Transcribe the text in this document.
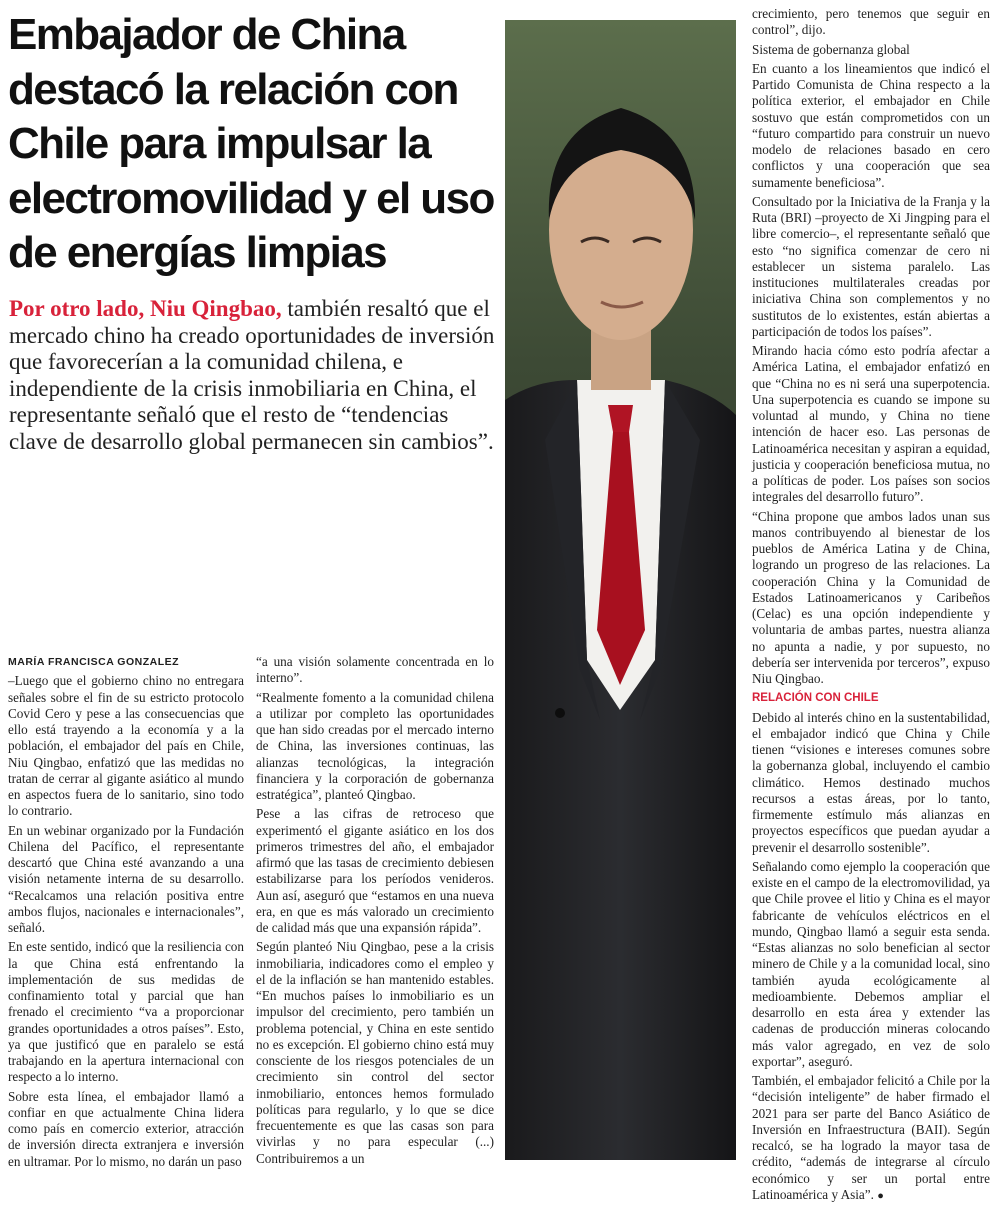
Embajador de China destacó la relación con Chile para impulsar la electromovilidad y el uso de energías limpias

Por otro lado, Niu Qingbao, también resaltó que el mercado chino ha creado oportunidades de inversión que favorecerían a la comunidad chilena, e independiente de la crisis inmobiliaria en China, el representante señaló que el resto de “tendencias clave de desarrollo global permanecen sin cambios”.

MARÍA FRANCISCA GONZALEZ

–Luego que el gobierno chino no entregara señales sobre el fin de su estricto protocolo Covid Cero y pese a las consecuencias que ello está trayendo a la economía y a la población, el embajador del país en Chile, Niu Qingbao, enfatizó que las medidas no tratan de cerrar al gigante asiático al mundo en aspectos fuera de lo sanitario, sino todo lo contrario.

En un webinar organizado por la Fundación Chilena del Pacífico, el representante descartó que China esté avanzando a una visión netamente interna de su desarrollo. “Recalcamos una relación positiva entre ambos flujos, nacionales e internacionales”, señaló.

En este sentido, indicó que la resiliencia con la que China está enfrentando la implementación de sus medidas de confinamiento total y parcial que han frenado el crecimiento “va a proporcionar grandes oportunidades a otros países”. Esto, ya que justificó que en paralelo se está trabajando en la apertura internacional con respecto a lo interno.

Sobre esta línea, el embajador llamó a confiar en que actualmente China lidera como país en comercio exterior, atracción de inversión directa extranjera e inversión en ultramar. Por lo mismo, no darán un paso

“a una visión solamente concentrada en lo interno”.

“Realmente fomento a la comunidad chilena a utilizar por completo las oportunidades que han sido creadas por el mercado interno de China, las inversiones continuas, las alianzas tecnológicas, la integración financiera y la corporación de gobernanza estratégica”, planteó Qingbao.

Pese a las cifras de retroceso que experimentó el gigante asiático en los dos primeros trimestres del año, el embajador afirmó que las tasas de crecimiento debiesen estabilizarse para los períodos venideros. Aun así, aseguró que “estamos en una nueva era, en que es más valorado un crecimiento de calidad más que una expansión rápida”.

Según planteó Niu Qingbao, pese a la crisis inmobiliaria, indicadores como el empleo y el de la inflación se han mantenido estables. “En muchos países lo inmobiliario es un impulsor del crecimiento, pero también un problema potencial, y China en este sentido no es excepción. El gobierno chino está muy consciente de los riesgos potenciales de un crecimiento sin control del sector inmobiliario, entonces hemos formulado políticas para regularlo, y lo que se dice frecuentemente es que las casas son para vivirlas y no para especular (...) Contribuiremos a un

crecimiento, pero tenemos que seguir en control”, dijo.

Sistema de gobernanza global

En cuanto a los lineamientos que indicó el Partido Comunista de China respecto a la política exterior, el embajador en Chile sostuvo que están comprometidos con un “futuro compartido para construir un nuevo modelo de relaciones basado en cero conflictos y una cooperación que sea sumamente beneficiosa”.

Consultado por la Iniciativa de la Franja y la Ruta (BRI) –proyecto de Xi Jingping para el libre comercio–, el representante señaló que esto “no significa comenzar de cero ni establecer un sistema paralelo. Las instituciones multilaterales creadas por iniciativa China son complementos y no sustitutos de lo existentes, están abiertas a participación de todos los países”.

Mirando hacia cómo esto podría afectar a América Latina, el embajador enfatizó en que “China no es ni será una superpotencia. Una superpotencia es cuando se impone su voluntad al mundo, y China no tiene intención de hacer eso. Las personas de Latinoamérica necesitan y aspiran a equidad, justicia y cooperación beneficiosa mutua, no a políticas de poder. Los países son socios integrales del desarrollo futuro”.

“China propone que ambos lados unan sus manos contribuyendo al bienestar de los pueblos de América Latina y de China, logrando un progreso de las relaciones. La cooperación China y la Comunidad de Estados Latinoamericanos y Caribeños (Celac) es una opción independiente y voluntaria de ambas partes, nuestra alianza no apunta a nadie, y por supuesto, no debería ser intervenida por terceros”, expuso Niu Qingbao.

RELACIÓN CON CHILE

Debido al interés chino en la sustentabilidad, el embajador indicó que China y Chile tienen “visiones e intereses comunes sobre la gobernanza global, incluyendo el cambio climático. Hemos destinado muchos recursos a estas áreas, por lo tanto, firmemente estímulo más alianzas en proyectos específicos que puedan ayudar a prevenir el desarrollo sostenible”.

Señalando como ejemplo la cooperación que existe en el campo de la electromovilidad, ya que Chile provee el litio y China es el mayor fabricante de vehículos eléctricos en el mundo, Qingbao llamó a seguir esta senda. “Estas alianzas no solo benefician al sector minero de Chile y a la comunidad local, sino también ayuda ecológicamente al medioambiente. Debemos ampliar el desarrollo en esta área y extender las cadenas de producción mineras colocando más valor agregado, en vez de solo exportar”, aseguró.

También, el embajador felicitó a Chile por la “decisión inteligente” de haber firmado el 2021 para ser parte del Banco Asiático de Inversión en Infraestructura (BAII). Según recalcó, se ha logrado la mayor tasa de crédito, “además de integrarse al círculo económico y ser un portal entre Latinoamérica y Asia”. ●
